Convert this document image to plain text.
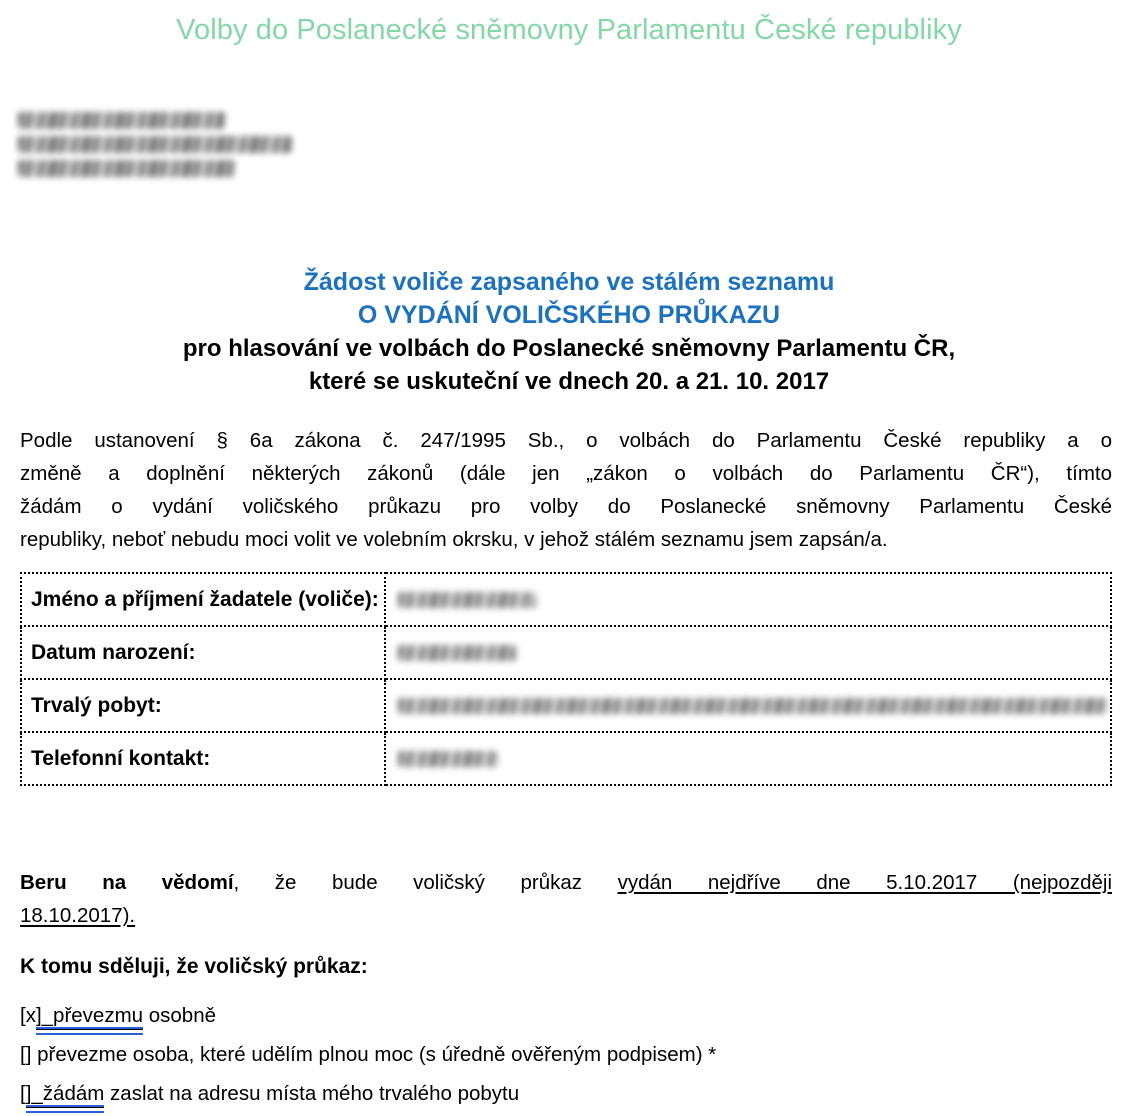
Volby do Poslanecké sněmovny Parlamentu České republiky
Žádost voliče zapsaného ve stálém seznamu
O VYDÁNÍ VOLIČSKÉHO PRŮKAZU
pro hlasování ve volbách do Poslanecké sněmovny Parlamentu ČR,
které se uskuteční ve dnech 20. a 21. 10. 2017
Podle ustanovení § 6a zákona č. 247/1995 Sb., o volbách do Parlamentu České republiky a o
změně a doplnění některých zákonů (dále jen „zákon o volbách do Parlamentu ČR“), tímto
žádám o vydání voličského průkazu pro volby do Poslanecké sněmovny Parlamentu České
republiky, neboť nebudu moci volit ve volebním okrsku, v jehož stálém seznamu jsem zapsán/a.
Jméno a příjmení žadatele (voliče):	

Datum narození:	

Trvalý pobyt:	

Telefonní kontakt:	
Beru na vědomí, že bude voličský průkaz vydán nejdříve dne 5.10.2017 (nejpozději
18.10.2017).
K tomu sděluji, že voličský průkaz:
[x]_převezmu osobně
[] převezme osoba, které udělím plnou moc (s úředně ověřeným podpisem) *
[]_žádám zaslat na adresu místa mého trvalého pobytu
